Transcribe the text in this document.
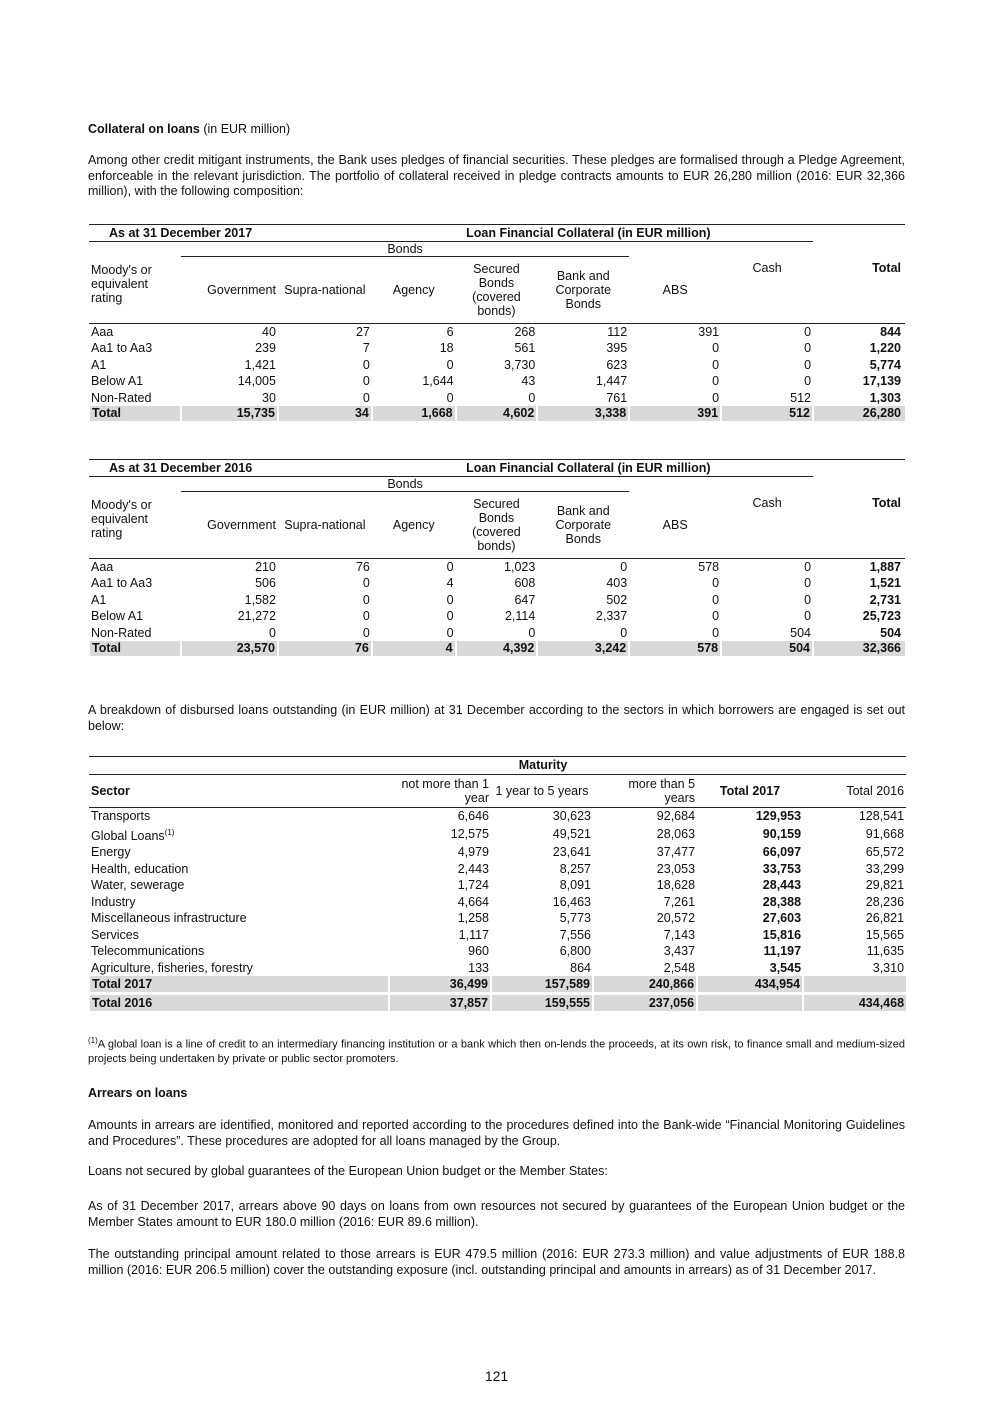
Collateral on loans (in EUR million)

Among other credit mitigant instruments, the Bank uses pledges of financial securities. These pledges are formalised through a Pledge Agreement, enforceable in the relevant jurisdiction. The portfolio of collateral received in pledge contracts amounts to EUR 26,280 million (2016: EUR 32,366 million), with the following composition:

As at 31 December 2017				Loan Financial Collateral (in EUR million)				
	Bonds							
Moody's or equivalent rating	Government	Supra-national	Agency	Secured Bonds (covered bonds)	Bank and Corporate Bonds	ABS	Cash	Total
Aaa	40	27	6	268	112	391	0	844
Aa1 to Aa3	239	7	18	561	395	0	0	1,220
A1	1,421	0	0	3,730	623	0	0	5,774
Below A1	14,005	0	1,644	43	1,447	0	0	17,139
Non-Rated	30	0	0	0	761	0	512	1,303
Total	15,735	34	1,668	4,602	3,338	391	512	26,280
As at 31 December 2016				Loan Financial Collateral (in EUR million)				
	Bonds							
Moody's or equivalent rating	Government	Supra-national	Agency	Secured Bonds (covered bonds)	Bank and Corporate Bonds	ABS	Cash	Total
Aaa	210	76	0	1,023	0	578	0	1,887
Aa1 to Aa3	506	0	4	608	403	0	0	1,521
A1	1,582	0	0	647	502	0	0	2,731
Below A1	21,272	0	0	2,114	2,337	0	0	25,723
Non-Rated	0	0	0	0	0	0	504	504
Total	23,570	76	4	4,392	3,242	578	504	32,366

A breakdown of disbursed loans outstanding (in EUR million) at 31 December according to the sectors in which borrowers are engaged is set out below:

	Maturity				
Sector	not more than 1 year	1 year to 5 years	more than 5 years	Total 2017	Total 2016
Transports	6,646	30,623	92,684	129,953	128,541
Global Loans$^{(1)}$	12,575	49,521	28,063	90,159	91,668
Energy	4,979	23,641	37,477	66,097	65,572
Health, education	2,443	8,257	23,053	33,753	33,299
Water, sewerage	1,724	8,091	18,628	28,443	29,821
Industry	4,664	16,463	7,261	28,388	28,236
Miscellaneous infrastructure	1,258	5,773	20,572	27,603	26,821
Services	1,117	7,556	7,143	15,816	15,565
Telecommunications	960	6,800	3,437	11,197	11,635
Agriculture, fisheries, forestry	133	864	2,548	3,545	3,310
Total 2017	36,499	157,589	240,866	434,954	
Total 2016	37,857	159,555	237,056		434,468

$^{(1)}$A global loan is a line of credit to an intermediary financing institution or a bank which then on-lends the proceeds, at its own risk, to finance small and medium-sized projects being undertaken by private or public sector promoters.

Arrears on loans

Amounts in arrears are identified, monitored and reported according to the procedures defined into the Bank-wide “Financial Monitoring Guidelines and Procedures”. These procedures are adopted for all loans managed by the Group.

Loans not secured by global guarantees of the European Union budget or the Member States:

As of 31 December 2017, arrears above 90 days on loans from own resources not secured by guarantees of the European Union budget or the Member States amount to EUR 180.0 million (2016: EUR 89.6 million).

The outstanding principal amount related to those arrears is EUR 479.5 million (2016: EUR 273.3 million) and value adjustments of EUR 188.8 million (2016: EUR 206.5 million) cover the outstanding exposure (incl. outstanding principal and amounts in arrears) as of 31 December 2017.

121
